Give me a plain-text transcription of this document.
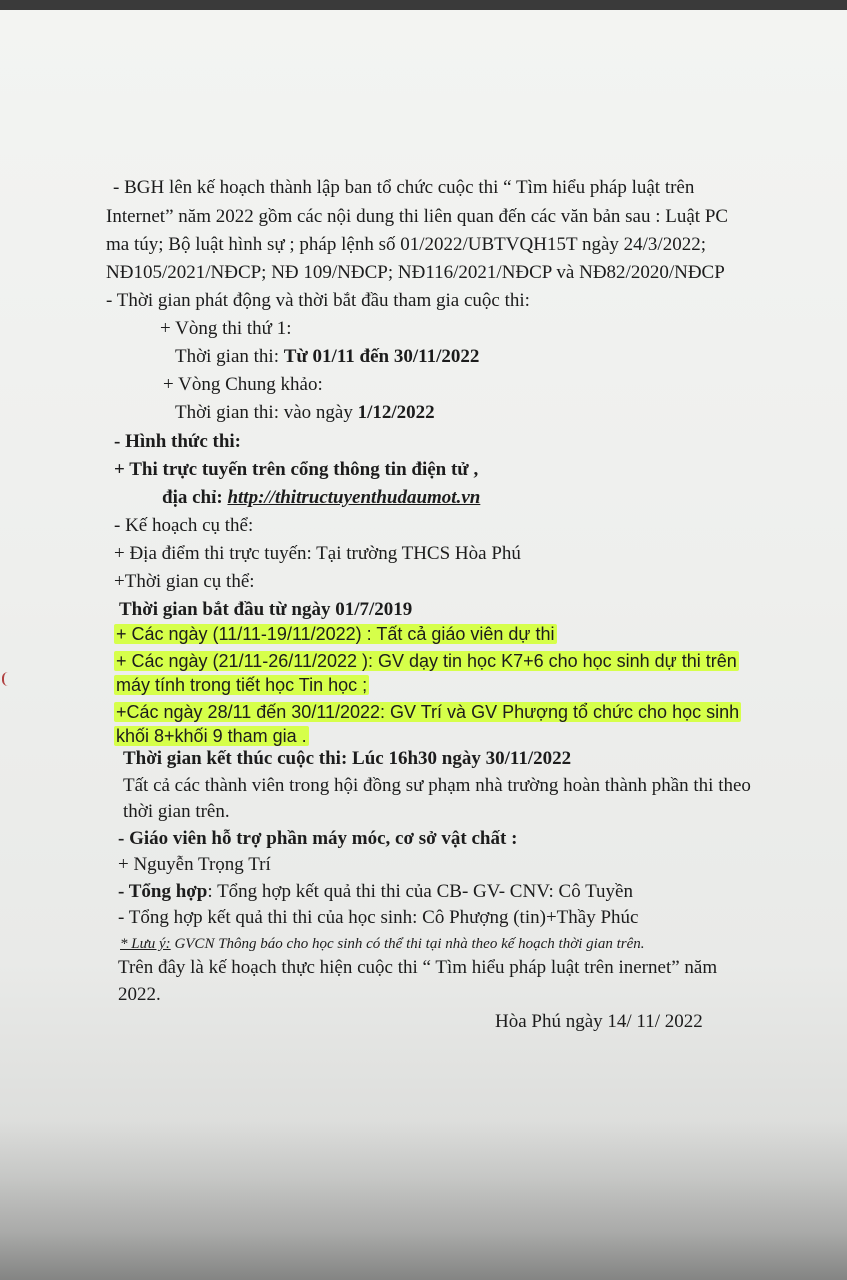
- BGH lên kế hoạch thành lập ban tổ chức cuộc thi “ Tìm hiểu pháp luật trên
Internet” năm 2022 gồm các nội dung thi liên quan đến các văn bản sau : Luật PC
ma túy; Bộ luật hình sự ; pháp lệnh số 01/2022/UBTVQH15T ngày 24/3/2022;
NĐ105/2021/NĐCP; NĐ 109/NĐCP; NĐ116/2021/NĐCP và NĐ82/2020/NĐCP
- Thời gian phát động và thời bắt đầu tham gia cuộc thi:
+ Vòng thi thứ 1:
Thời gian thi: Từ 01/11 đến 30/11/2022
+ Vòng Chung khảo:
Thời gian thi: vào ngày 1/12/2022
- Hình thức thi:
+ Thi trực tuyến trên cổng thông tin điện tử ,
địa chỉ: http://thitructuyenthudaumot.vn
- Kế hoạch cụ thể:
+ Địa điểm thi trực tuyến: Tại trường THCS Hòa Phú
+Thời gian cụ thể:
Thời gian bắt đầu từ ngày 01/7/2019
+ Các ngày (11/11-19/11/2022) : Tất cả giáo viên dự thi
+ Các ngày (21/11-26/11/2022 ): GV dạy tin học K7+6 cho học sinh dự thi trên
máy tính trong tiết học Tin học ;
+Các ngày 28/11 đến 30/11/2022: GV Trí và GV Phượng tổ chức cho học sinh
khối 8+khối 9 tham gia .
Thời gian kết thúc cuộc thi: Lúc 16h30 ngày 30/11/2022
Tất cả các thành viên trong hội đồng sư phạm nhà trường hoàn thành phần thi theo
thời gian trên.
- Giáo viên hỗ trợ phần máy móc, cơ sở vật chất :
+ Nguyễn Trọng Trí
- Tổng hợp: Tổng hợp kết quả thi thi của CB- GV- CNV: Cô Tuyền
- Tổng hợp kết quả thi thi của học sinh: Cô Phượng (tin)+Thầy Phúc
* Lưu ý: GVCN Thông báo cho học sinh có thể thi tại nhà theo kế hoạch thời gian trên.
Trên đây là kế hoạch thực hiện cuộc thi “ Tìm hiểu pháp luật trên inernet” năm
2022.
Hòa Phú ngày 14/ 11/ 2022
